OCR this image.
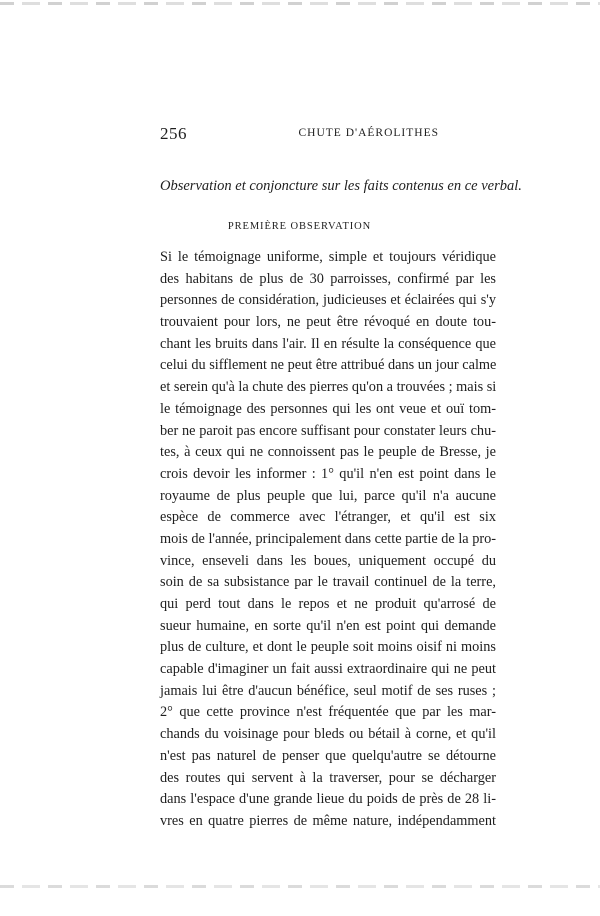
256	CHUTE D'AÉROLITHES
Observation et conjoncture sur les faits contenus en ce verbal.
PREMIÈRE OBSERVATION
Si le témoignage uniforme, simple et toujours véridique
des habitans de plus de 30 parroisses, confirmé par les
personnes de considération, judicieuses et éclairées qui s'y
trouvaient pour lors, ne peut être révoqué en doute tou-
chant les bruits dans l'air. Il en résulte la conséquence que
celui du sifflement ne peut être attribué dans un jour calme
et serein qu'à la chute des pierres qu'on a trouvées ; mais si
le témoignage des personnes qui les ont veue et ouï tom-
ber ne paroit pas encore suffisant pour constater leurs chu-
tes, à ceux qui ne connoissent pas le peuple de Bresse, je
crois devoir les informer : 1° qu'il n'en est point dans le
royaume de plus peuple que lui, parce qu'il n'a aucune
espèce de commerce avec l'étranger, et qu'il est six
mois de l'année, principalement dans cette partie de la pro-
vince, enseveli dans les boues, uniquement occupé du
soin de sa subsistance par le travail continuel de la terre,
qui perd tout dans le repos et ne produit qu'arrosé de
sueur humaine, en sorte qu'il n'en est point qui demande
plus de culture, et dont le peuple soit moins oisif ni moins
capable d'imaginer un fait aussi extraordinaire qui ne peut
jamais lui être d'aucun bénéfice, seul motif de ses ruses ;
2° que cette province n'est fréquentée que par les mar-
chands du voisinage pour bleds ou bétail à corne, et qu'il
n'est pas naturel de penser que quelqu'autre se détourne
des routes qui servent à la traverser, pour se décharger
dans l'espace d'une grande lieue du poids de près de 28 li-
vres en quatre pierres de même nature, indépendamment
